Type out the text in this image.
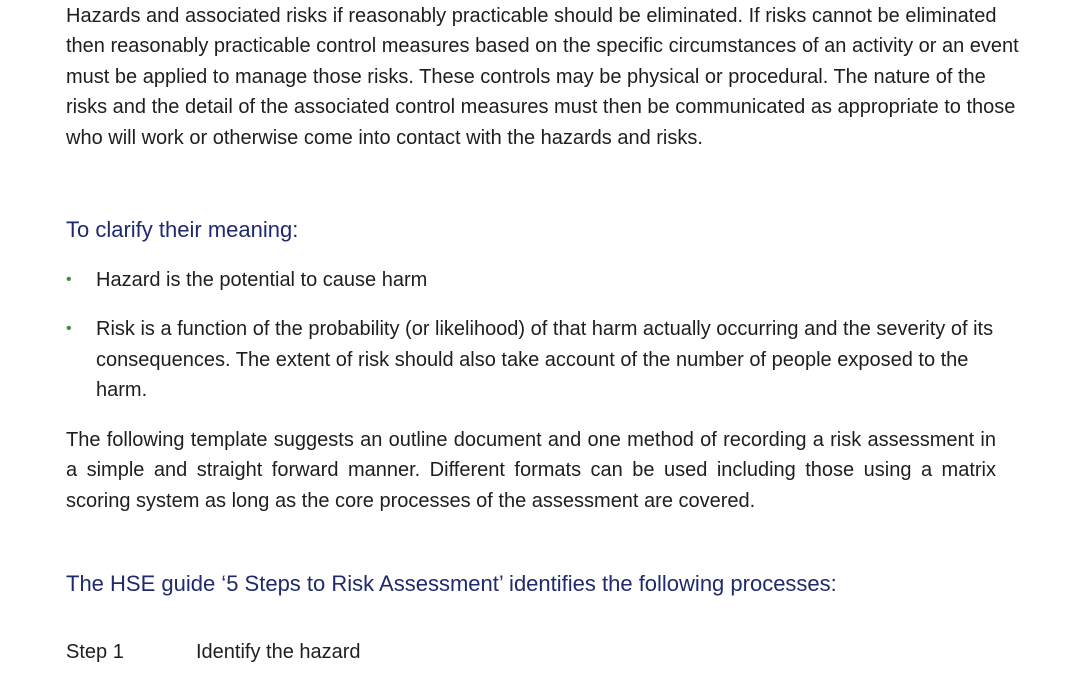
Hazards and associated risks if reasonably practicable should be eliminated. If risks cannot be eliminated then reasonably practicable control measures based on the specific circumstances of an activity or an event must be applied to manage those risks. These controls may be physical or procedural. The nature of the risks and the detail of the associated control measures must then be communicated as appropriate to those who will work or otherwise come into contact with the hazards and risks.

To clarify their meaning:
• Hazard is the potential to cause harm
• Risk is a function of the probability (or likelihood) of that harm actually occurring and the severity of its consequences. The extent of risk should also take account of the number of people exposed to the harm.

The following template suggests an outline document and one method of recording a risk assessment in a simple and straight forward manner. Different formats can be used including those using a matrix scoring system as long as the core processes of the assessment are covered.

The HSE guide ‘5 Steps to Risk Assessment’ identifies the following processes:
Step 1	Identify the hazard
